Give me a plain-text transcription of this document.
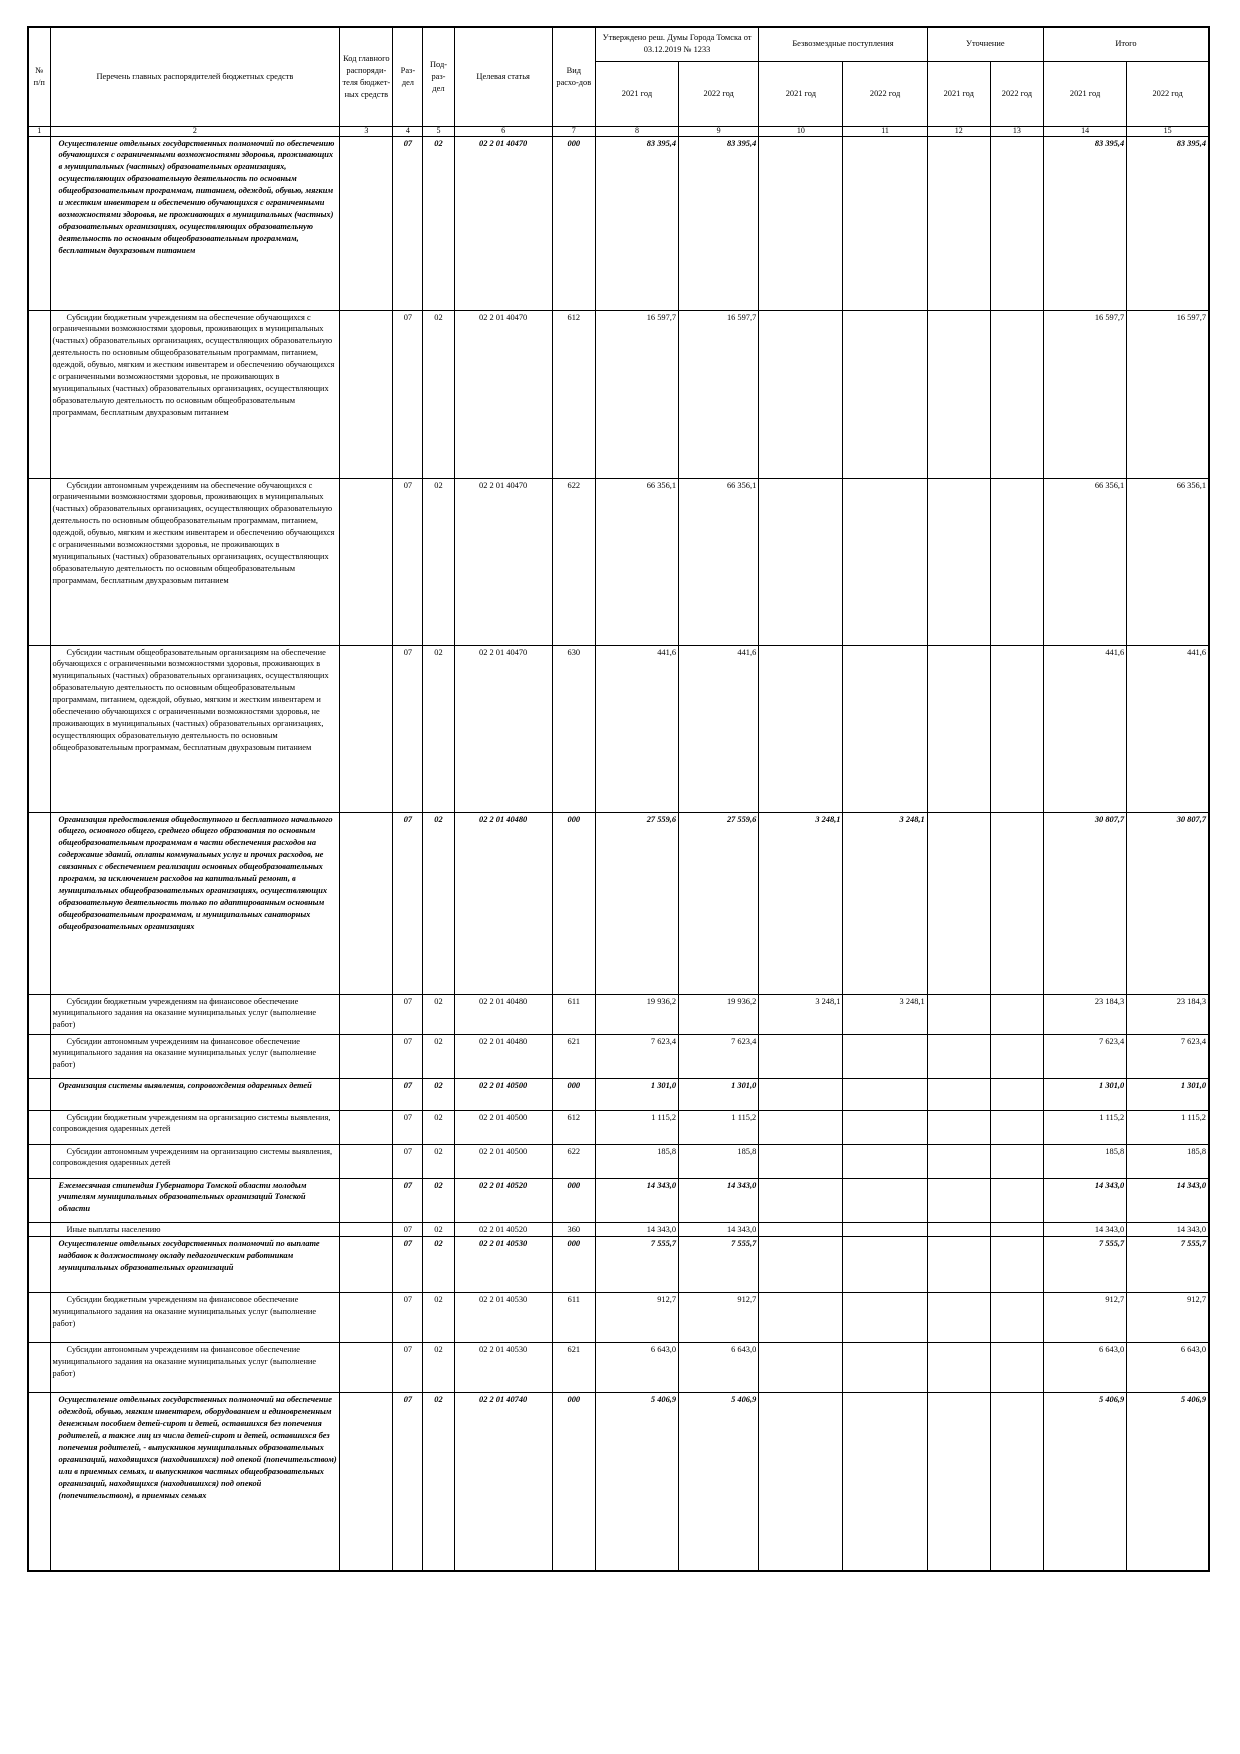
№ п/п	Перечень главных распорядителей бюджетных средств	Код главного распоряди-теля бюджет-ных средств	Раз-дел	Под-раз-дел	Целевая статья	Вид расхо-дов	Утверждено реш. Думы Города Томска от 03.12.2019 № 1233		Безвозмездные поступления		Уточнение		Итого	
							2021 год	2022 год	2021 год	2022 год	2021 год	2022 год	2021 год	2022 год
1	2	3	4	5	6	7	8	9	10	11	12	13	14	15
	Осуществление отдельных государственных полномочий по обеспечению обучающихся с ограниченными возможностями здоровья, проживающих в муниципальных (частных) образовательных организациях, осуществляющих образовательную деятельность по основным общеобразовательным программам, питанием, одеждой, обувью, мягким и жестким инвентарем и обеспечению обучающихся с ограниченными возможностями здоровья, не проживающих в муниципальных (частных) образовательных организациях, осуществляющих образовательную деятельность по основным общеобразовательным программам, бесплатным двухразовым питанием		07	02	02 2 01 40470	000	83 395,4	83 395,4					83 395,4	83 395,4
	Субсидии бюджетным учреждениям на обеспечение обучающихся с ограниченными возможностями здоровья, проживающих в муниципальных (частных) образовательных организациях, осуществляющих образовательную деятельность по основным общеобразовательным программам, питанием, одеждой, обувью, мягким и жестким инвентарем и обеспечению обучающихся с ограниченными возможностями здоровья, не проживающих в муниципальных (частных) образовательных организациях, осуществляющих образовательную деятельность по основным общеобразовательным программам, бесплатным двухразовым питанием		07	02	02 2 01 40470	612	16 597,7	16 597,7					16 597,7	16 597,7
	Субсидии автономным учреждениям на обеспечение обучающихся с ограниченными возможностями здоровья, проживающих в муниципальных (частных) образовательных организациях, осуществляющих образовательную деятельность по основным общеобразовательным программам, питанием, одеждой, обувью, мягким и жестким инвентарем и обеспечению обучающихся с ограниченными возможностями здоровья, не проживающих в муниципальных (частных) образовательных организациях, осуществляющих образовательную деятельность по основным общеобразовательным программам, бесплатным двухразовым питанием		07	02	02 2 01 40470	622	66 356,1	66 356,1					66 356,1	66 356,1
	Субсидии частным общеобразовательным организациям на обеспечение обучающихся с ограниченными возможностями здоровья, проживающих в муниципальных (частных) образовательных организациях, осуществляющих образовательную деятельность по основным общеобразовательным программам, питанием, одеждой, обувью, мягким и жестким инвентарем и обеспечению обучающихся с ограниченными возможностями здоровья, не проживающих в муниципальных (частных) образовательных организациях, осуществляющих образовательную деятельность по основным общеобразовательным программам, бесплатным двухразовым питанием		07	02	02 2 01 40470	630	441,6	441,6					441,6	441,6
	Организация предоставления общедоступного и бесплатного начального общего, основного общего, среднего общего образования по основным общеобразовательным программам в части обеспечения расходов на содержание зданий, оплаты коммунальных услуг и прочих расходов, не связанных с обеспечением реализации основных общеобразовательных программ, за исключением расходов на капитальный ремонт, в муниципальных общеобразовательных организациях, осуществляющих образовательную деятельность только по адаптированным основным общеобразовательным программам, и муниципальных санаторных общеобразовательных организациях		07	02	02 2 01 40480	000	27 559,6	27 559,6	3 248,1	3 248,1			30 807,7	30 807,7
	Субсидии бюджетным учреждениям на финансовое обеспечение муниципального задания на оказание муниципальных услуг (выполнение работ)		07	02	02 2 01 40480	611	19 936,2	19 936,2	3 248,1	3 248,1			23 184,3	23 184,3
	Субсидии автономным учреждениям на финансовое обеспечение муниципального задания на оказание муниципальных услуг (выполнение работ)		07	02	02 2 01 40480	621	7 623,4	7 623,4					7 623,4	7 623,4
	Организация системы выявления, сопровождения одаренных детей		07	02	02 2 01 40500	000	1 301,0	1 301,0					1 301,0	1 301,0
	Субсидии бюджетным учреждениям на организацию системы выявления, сопровождения одаренных детей		07	02	02 2 01 40500	612	1 115,2	1 115,2					1 115,2	1 115,2
	Субсидии автономным учреждениям на организацию системы выявления, сопровождения одаренных детей		07	02	02 2 01 40500	622	185,8	185,8					185,8	185,8
	Ежемесячная стипендия Губернатора Томской области молодым учителям муниципальных образовательных организаций Томской области		07	02	02 2 01 40520	000	14 343,0	14 343,0					14 343,0	14 343,0
	Иные выплаты населению		07	02	02 2 01 40520	360	14 343,0	14 343,0					14 343,0	14 343,0
	Осуществление отдельных государственных полномочий по выплате надбавок к должностному окладу педагогическим работникам муниципальных образовательных организаций		07	02	02 2 01 40530	000	7 555,7	7 555,7					7 555,7	7 555,7
	Субсидии бюджетным учреждениям на финансовое обеспечение муниципального задания на оказание муниципальных услуг (выполнение работ)		07	02	02 2 01 40530	611	912,7	912,7					912,7	912,7
	Субсидии автономным учреждениям на финансовое обеспечение муниципального задания на оказание муниципальных услуг (выполнение работ)		07	02	02 2 01 40530	621	6 643,0	6 643,0					6 643,0	6 643,0
	Осуществление отдельных государственных полномочий на обеспечение одеждой, обувью, мягким инвентарем, оборудованием и единовременным денежным пособием детей-сирот и детей, оставшихся без попечения родителей, а также лиц из числа детей-сирот и детей, оставшихся без попечения родителей, - выпускников муниципальных образовательных организаций, находящихся (находившихся) под опекой (попечительством) или в приемных семьях, и выпускников частных общеобразовательных организаций, находящихся (находившихся) под опекой (попечительством), в приемных семьях		07	02	02 2 01 40740	000	5 406,9	5 406,9					5 406,9	5 406,9
